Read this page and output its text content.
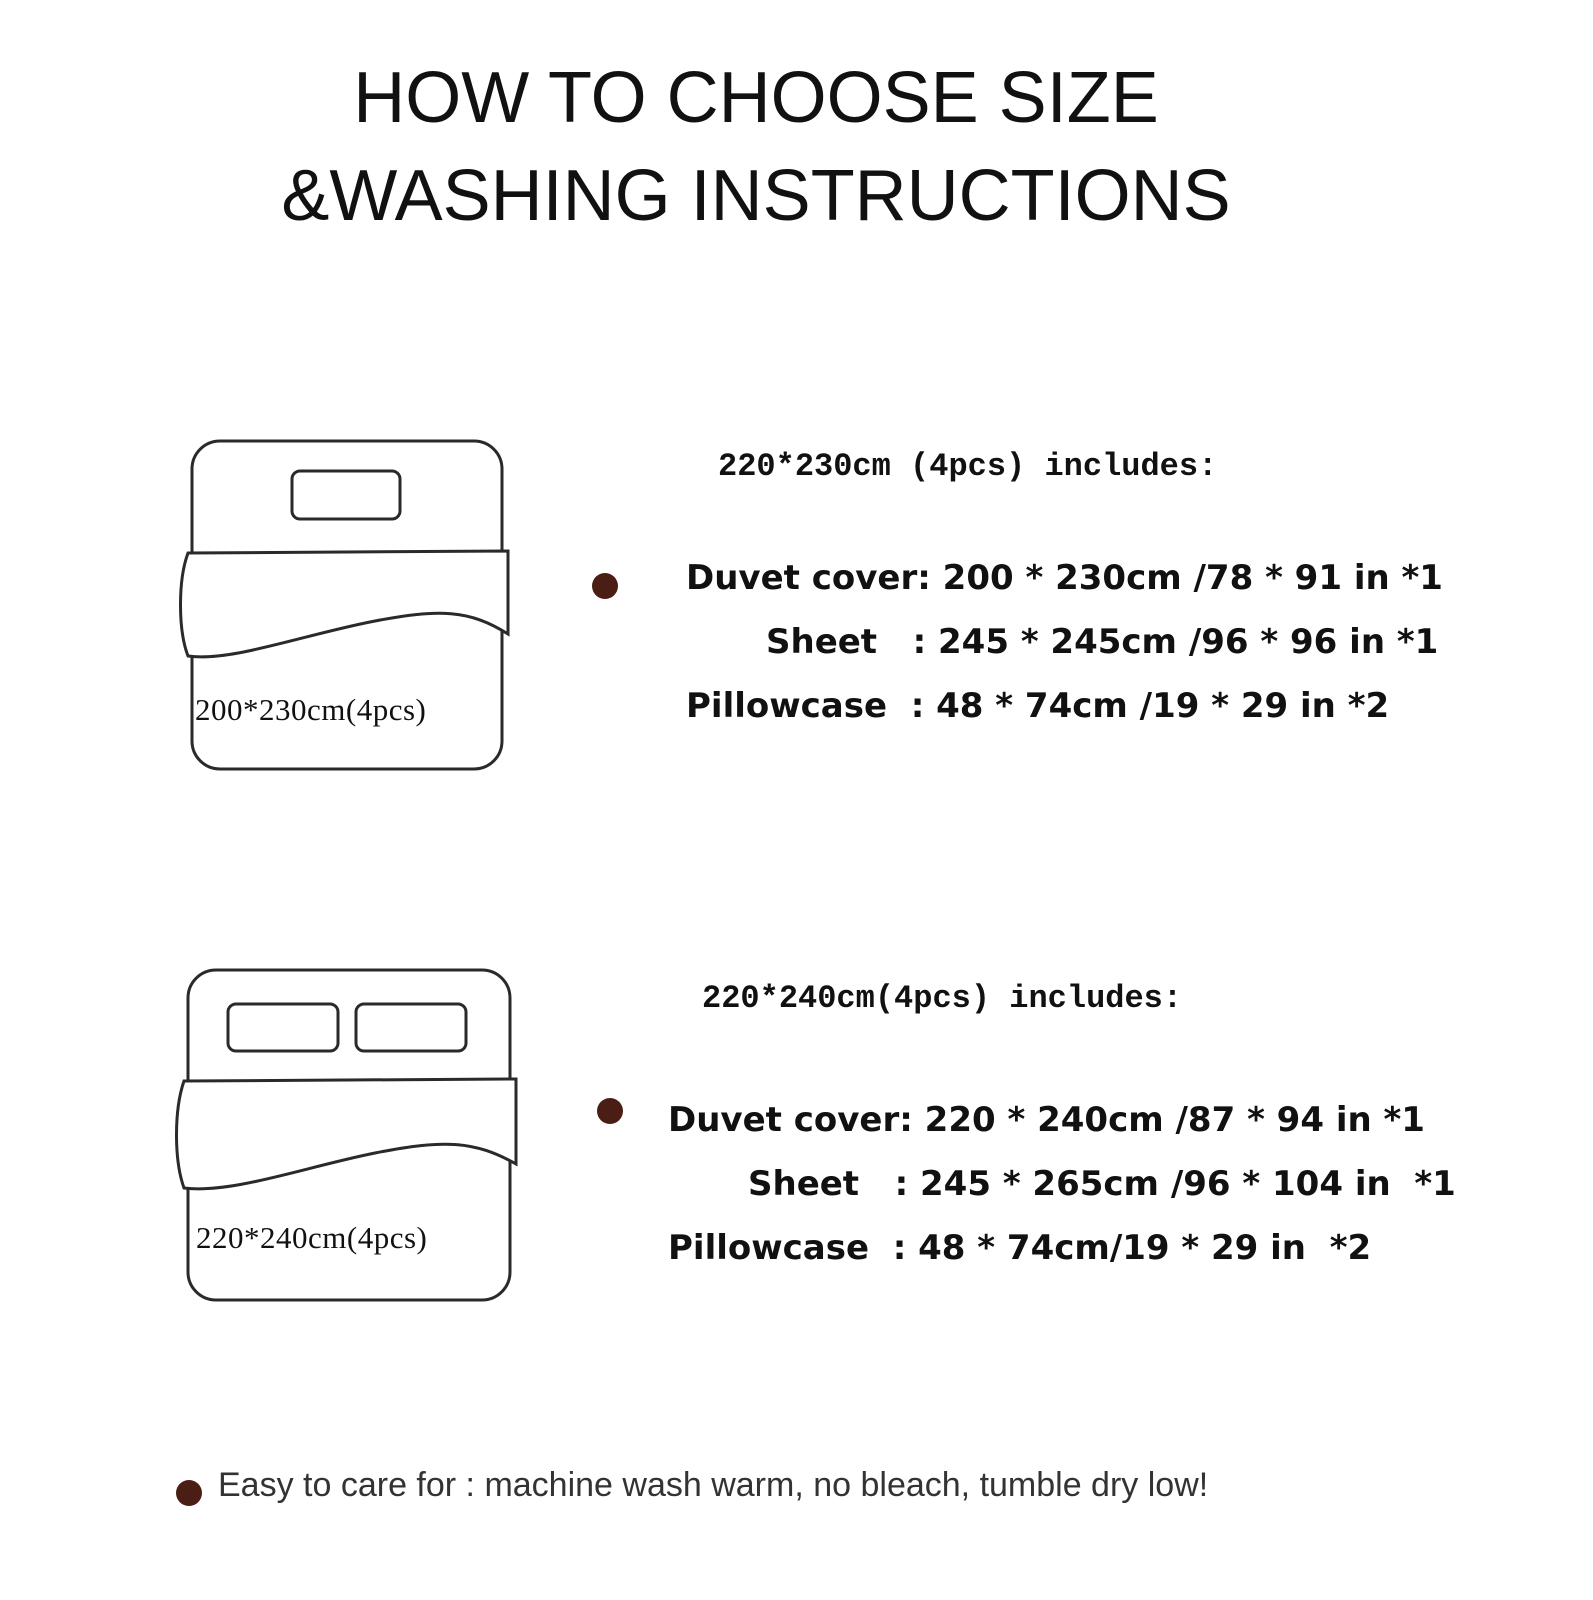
HOW TO CHOOSE SIZE
&WASHING INSTRUCTIONS
200*230cm(4pcs)
220*230cm (4pcs) includes:
Duvet cover: 200 * 230cm /78 * 91 in *1
Sheet   : 245 * 245cm /96 * 96 in *1
Pillowcase  : 48 * 74cm /19 * 29 in *2
220*240cm(4pcs)
220*240cm(4pcs) includes:
Duvet cover: 220 * 240cm /87 * 94 in *1
Sheet   : 245 * 265cm /96 * 104 in  *1
Pillowcase  : 48 * 74cm/19 * 29 in  *2
Easy to care for : machine wash warm, no bleach, tumble dry low!
